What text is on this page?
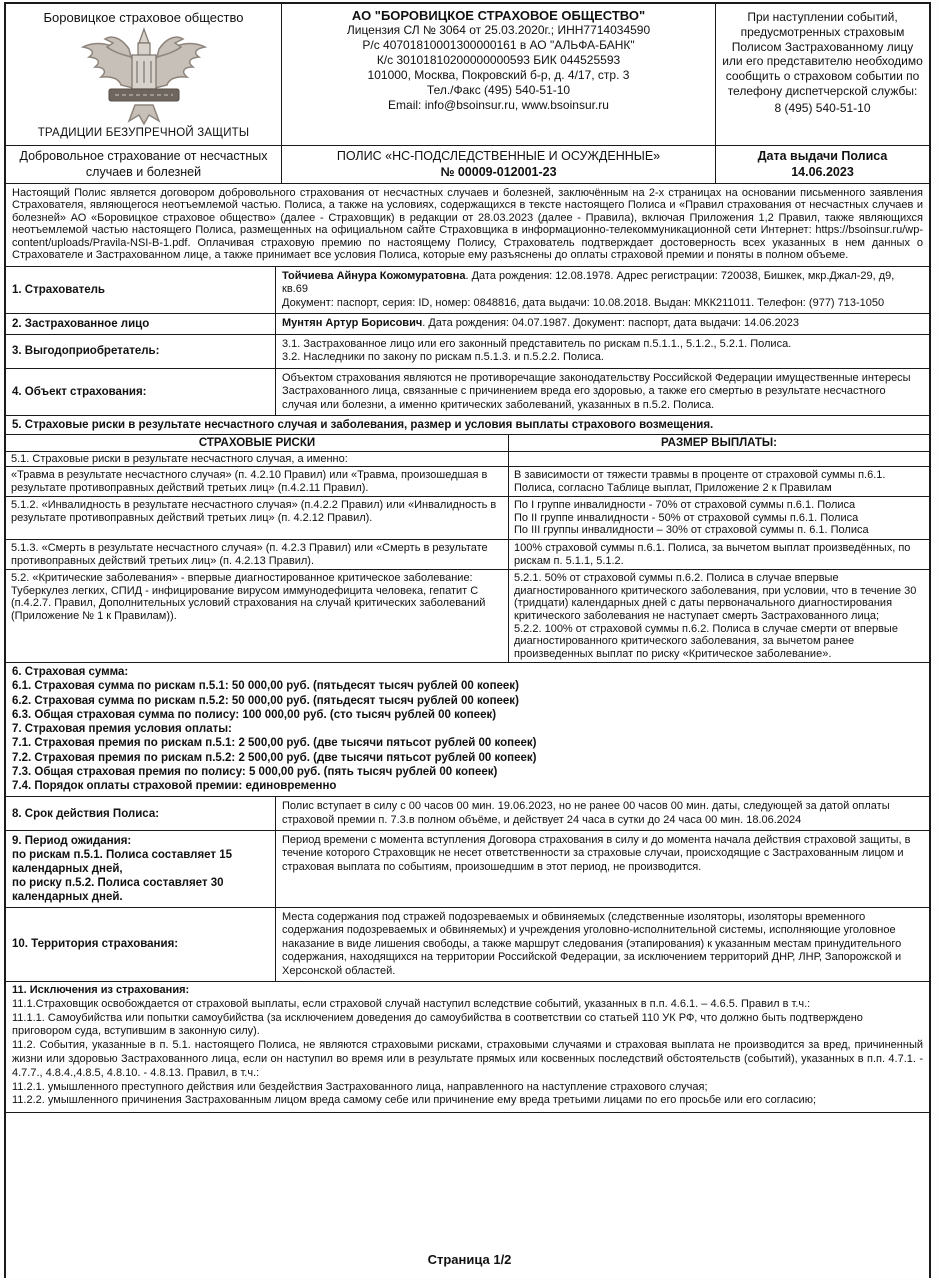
Боровицкое страховое общество
ТРАДИЦИИ БЕЗУПРЕЧНОЙ ЗАЩИТЫ
АО "БОРОВИЦКОЕ СТРАХОВОЕ ОБЩЕСТВО"
Лицензия СЛ № 3064 от 25.03.2020г.; ИНН7714034590
Р/с 40701810001300000161 в АО "АЛЬФА-БАНК"
К/с 30101810200000000593 БИК 044525593
101000, Москва, Покровский б-р, д. 4/17, стр. 3
Тел./Факс (495) 540-51-10
Email: info@bsoinsur.ru, www.bsoinsur.ru
При наступлении событий, предусмотренных страховым Полисом Застрахованному лицу или его представителю необходимо сообщить о страховом событии по телефону диспетчерской службы:
8 (495) 540-51-10
Добровольное страхование от несчастных случаев и болезней
ПОЛИС «НС-ПОДСЛЕДСТВЕННЫЕ И ОСУЖДЕННЫЕ»
№ 00009-012001-23
Дата выдачи Полиса
14.06.2023
Настоящий Полис является договором добровольного страхования от несчастных случаев и болезней, заключённым на 2-х страницах на основании письменного заявления Страхователя, являющегося неотъемлемой частью. Полиса, а также на условиях, содержащихся в тексте настоящего Полиса и «Правил страхования от несчастных случаев и болезней» АО «Боровицкое страховое общество» (далее - Страховщик) в редакции от 28.03.2023 (далее - Правила), включая Приложения 1,2 Правил, также являющихся неотъемлемой частью настоящего Полиса, размещенных на официальном сайте Страховщика в информационно-телекоммуникационной сети Интернет: https://bsoinsur.ru/wp-content/uploads/Pravila-NSI-B-1.pdf. Оплачивая страховую премию по настоящему Полису, Страхователь подтверждает достоверность всех указанных в нем данных о Страхователе и Застрахованном лице, а также принимает все условия Полиса, которые ему разъяснены до оплаты страховой премии и поняты в полном объеме.
1. Страхователь
Тойчиева Айнура Кожомуратовна. Дата рождения: 12.08.1978. Адрес регистрации: 720038, Бишкек, мкр.Джал-29, д9, кв.69
Документ: паспорт, серия: ID, номер: 0848816, дата выдачи: 10.08.2018. Выдан: МКК211011. Телефон: (977) 713-1050
2. Застрахованное лицо	Мунтян Артур Борисович. Дата рождения: 04.07.1987. Документ: паспорт, дата выдачи: 14.06.2023
3. Выгодоприобретатель:
3.1. Застрахованное лицо или его законный представитель по рискам п.5.1.1., 5.1.2., 5.2.1. Полиса.
3.2. Наследники по закону по рискам п.5.1.3. и п.5.2.2. Полиса.
4. Объект страхования:
Объектом страхования являются не противоречащие законодательству Российской Федерации имущественные интересы Застрахованного лица, связанные с причинением вреда его здоровью, а также его смертью в результате несчастного случая или болезни, а именно критических заболеваний, указанных в п.5.2. Полиса.
5. Страховые риски в результате несчастного случая и заболевания, размер и условия выплаты страхового возмещения.
СТРАХОВЫЕ РИСКИ	РАЗМЕР ВЫПЛАТЫ:
5.1. Страховые риски в результате несчастного случая, а именно:
«Травма в результате несчастного случая» (п. 4.2.10 Правил) или «Травма, произошедшая в результате противоправных действий третьих лиц» (п.4.2.11 Правил).
В зависимости от тяжести травмы в проценте от страховой суммы п.6.1. Полиса, согласно Таблице выплат, Приложение 2 к Правилам
5.1.2. «Инвалидность в результате несчастного случая» (п.4.2.2 Правил) или «Инвалидность в результате противоправных действий третьих лиц» (п. 4.2.12 Правил).
По I группе инвалидности - 70% от страховой суммы п.6.1. Полиса
По II группе инвалидности - 50% от страховой суммы п.6.1. Полиса
По III группы инвалидности – 30% от страховой суммы п. 6.1. Полиса
5.1.3. «Смерть в результате несчастного случая» (п. 4.2.3 Правил) или «Смерть в результате противоправных действий третьих лиц» (п. 4.2.13 Правил).
100% страховой суммы п.6.1. Полиса, за вычетом выплат произведённых, по рискам п. 5.1.1, 5.1.2.
5.2. «Критические заболевания» - впервые диагностированное критическое заболевание: Туберкулез легких, СПИД - инфицирование вирусом иммунодефицита человека, гепатит С (п.4.2.7. Правил, Дополнительных условий страхования на случай критических заболеваний (Приложение № 1 к Правилам)).
5.2.1. 50% от страховой суммы п.6.2. Полиса в случае впервые диагностированного критического заболевания, при условии, что в течение 30 (тридцати) календарных дней с даты первоначального диагностирования критического заболевания не наступает смерть Застрахованного лица;
5.2.2. 100% от страховой суммы п.6.2. Полиса в случае смерти от впервые диагностированного критического заболевания, за вычетом ранее произведенных выплат по риску «Критическое заболевание».
6. Страховая сумма:
6.1. Страховая сумма по рискам п.5.1: 50 000,00 руб. (пятьдесят тысяч рублей 00 копеек)
6.2. Страховая сумма по рискам п.5.2: 50 000,00 руб. (пятьдесят тысяч рублей 00 копеек)
6.3. Общая страховая сумма по полису: 100 000,00 руб. (сто тысяч рублей 00 копеек)
7. Страховая премия условия оплаты:
7.1. Страховая премия по рискам п.5.1: 2 500,00 руб. (две тысячи пятьсот рублей 00 копеек)
7.2. Страховая премия по рискам п.5.2: 2 500,00 руб. (две тысячи пятьсот рублей 00 копеек)
7.3. Общая страховая премия по полису: 5 000,00 руб. (пять тысяч рублей 00 копеек)
7.4. Порядок оплаты страховой премии: единовременно
8. Срок действия Полиса:
Полис вступает в силу с 00 часов 00 мин. 19.06.2023, но не ранее 00 часов 00 мин. даты, следующей за датой оплаты страховой премии п. 7.3.в полном объёме, и действует 24 часа в сутки до 24 часа 00 мин. 18.06.2024
9. Период ожидания:
по рискам п.5.1. Полиса составляет 15 календарных дней,
по риску п.5.2. Полиса составляет 30 календарных дней.
Период времени с момента вступления Договора страхования в силу и до момента начала действия страховой защиты, в течение которого Страховщик не несет ответственности за страховые случаи, происходящие с Застрахованным лицом и страховая выплата по событиям, произошедшим в этот период, не производится.
10. Территория страхования:
Места содержания под стражей подозреваемых и обвиняемых (следственные изоляторы, изоляторы временного содержания подозреваемых и обвиняемых) и учреждения уголовно-исполнительной системы, исполняющие уголовное наказание в виде лишения свободы, а также маршрут следования (этапирования) к указанным местам принудительного содержания, находящихся на территории Российской Федерации, за исключением территорий ДНР, ЛНР, Запорожской и Херсонской областей.

11. Исключения из страхования:

11.1.Страховщик освобождается от страховой выплаты, если страховой случай наступил вследствие событий, указанных в п.п. 4.6.1. – 4.6.5. Правил в т.ч.:

11.1.1. Самоубийства или попытки самоубийства (за исключением доведения до самоубийства в соответствии со статьей 110 УК РФ, что должно быть подтверждено приговором суда, вступившим в законную силу).

11.2. События, указанные в п. 5.1. настоящего Полиса, не являются страховыми рисками, страховыми случаями и страховая выплата не производится за вред, причиненный жизни или здоровью Застрахованного лица, если он наступил во время или в результате прямых или косвенных последствий обстоятельств (событий), указанных в п.п. 4.7.1. - 4.7.7., 4.8.4.,4.8.5, 4.8.10. - 4.8.13. Правил, в т.ч.:

11.2.1. умышленного преступного действия или бездействия Застрахованного лица, направленного на наступление страхового случая;

11.2.2. умышленного причинения Застрахованным лицом вреда самому себе или причинение ему вреда третьими лицами по его просьбе или его согласию;

Страница 1/2
